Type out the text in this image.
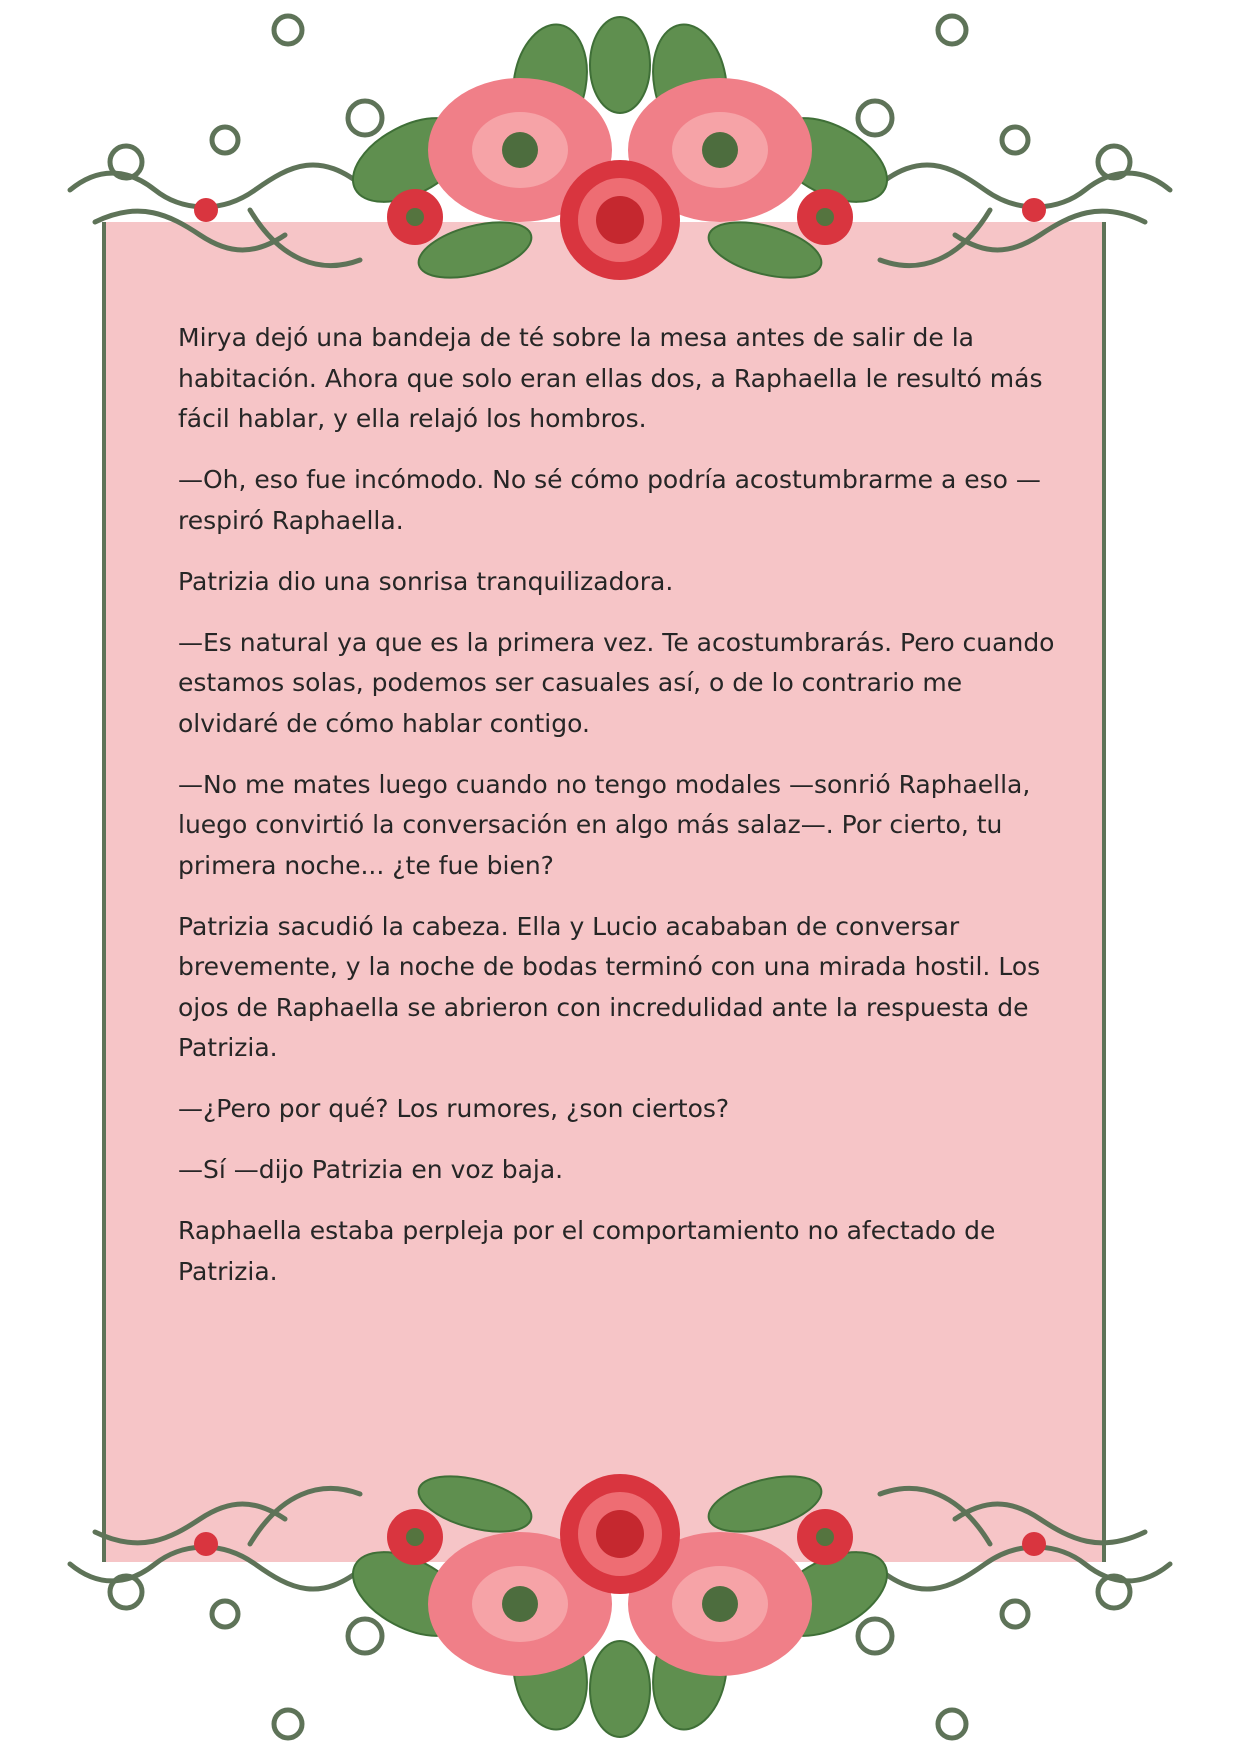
Mirya dejó una bandeja de té sobre la mesa antes de salir de la habitación. Ahora que solo eran ellas dos, a Raphaella le resultó más fácil hablar, y ella relajó los hombros.

—Oh, eso fue incómodo. No sé cómo podría acostumbrarme a eso — respiró Raphaella.

Patrizia dio una sonrisa tranquilizadora.

—Es natural ya que es la primera vez. Te acostumbrarás. Pero cuando estamos solas, podemos ser casuales así, o de lo contrario me olvidaré de cómo hablar contigo.

—No me mates luego cuando no tengo modales —sonrió Raphaella, luego convirtió la conversación en algo más salaz—. Por cierto, tu primera noche... ¿te fue bien?

Patrizia sacudió la cabeza. Ella y Lucio acababan de conversar brevemente, y la noche de bodas terminó con una mirada hostil. Los ojos de Raphaella se abrieron con incredulidad ante la respuesta de Patrizia.

—¿Pero por qué? Los rumores, ¿son ciertos?

—Sí —dijo Patrizia en voz baja.

Raphaella estaba perpleja por el comportamiento no afectado de Patrizia.
